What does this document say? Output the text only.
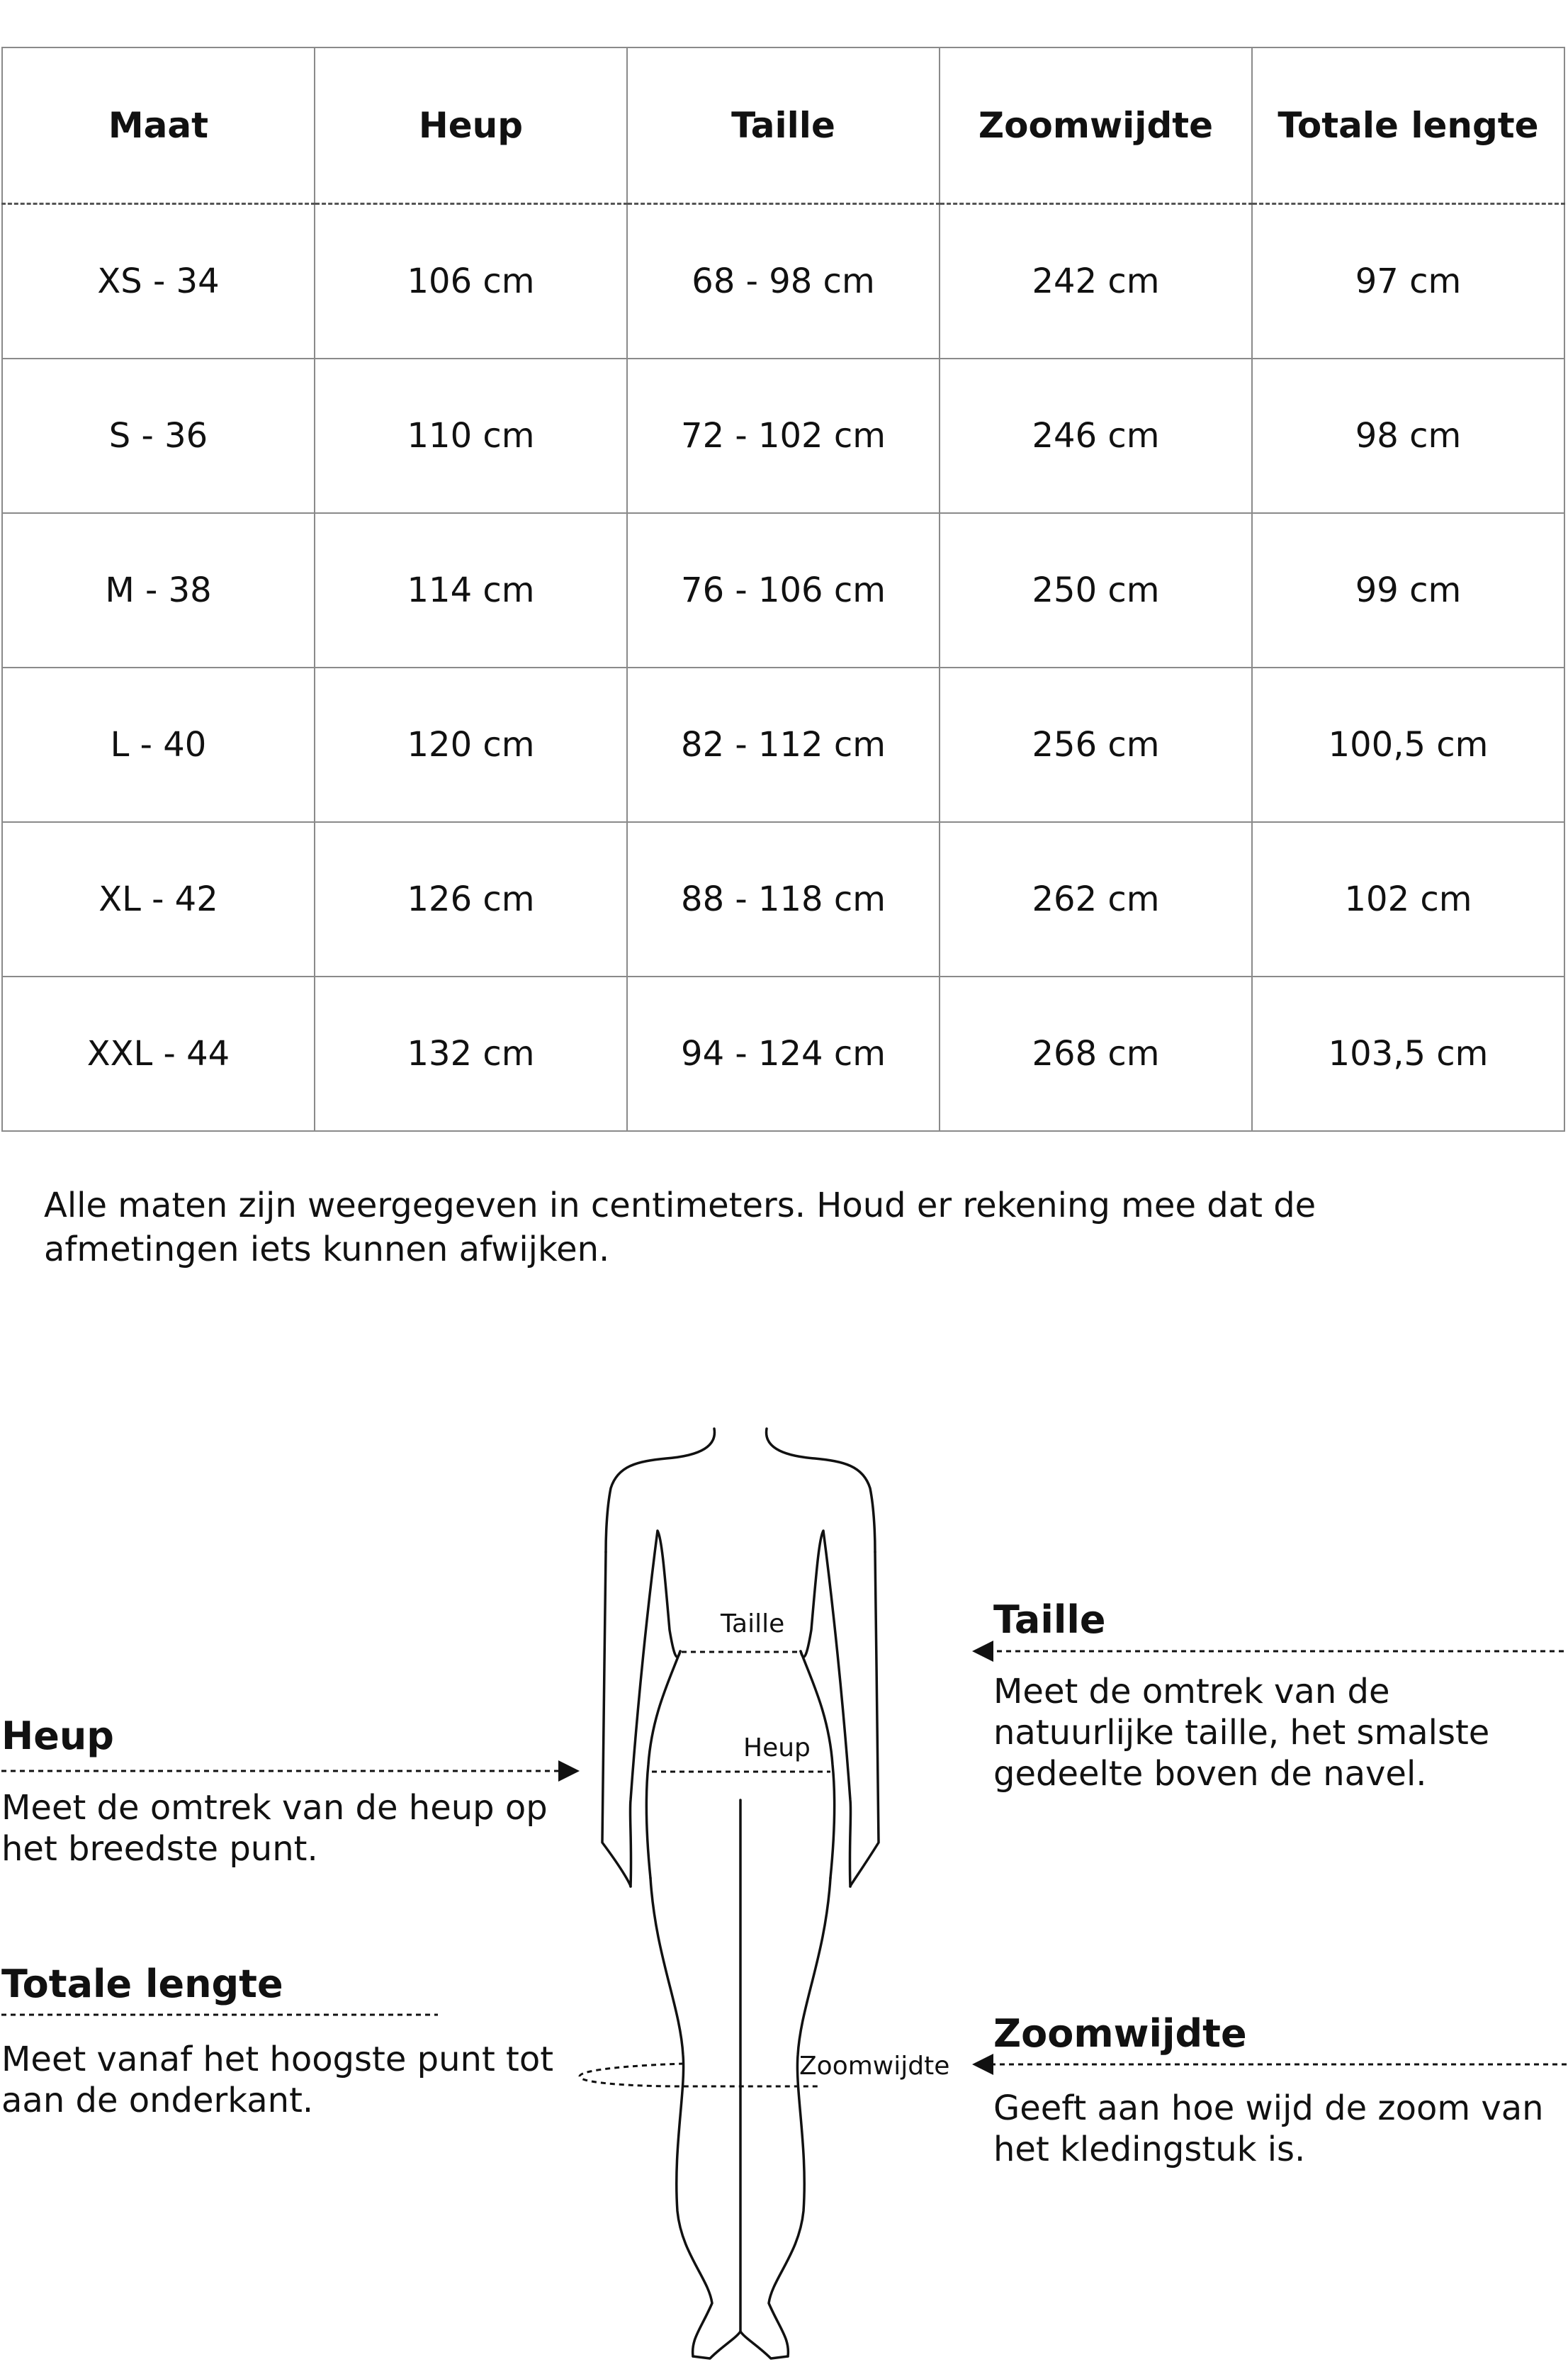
Maat	Heup	Taille	Zoomwijdte	Totale lengte
XS - 34	106 cm	68 - 98 cm	242 cm	97 cm
S - 36	110 cm	72 - 102 cm	246 cm	98 cm
M - 38	114 cm	76 - 106 cm	250 cm	99 cm
L - 40	120 cm	82 - 112 cm	256 cm	100,5 cm
XL - 42	126 cm	88 - 118 cm	262 cm	102 cm
XXL - 44	132 cm	94 - 124 cm	268 cm	103,5 cm

Alle maten zijn weergegeven in centimeters. Houd er rekening mee dat de afmetingen iets kunnen afwijken.

Taille
Heup
Zoomwijdte
Heup

Meet de omtrek van de heup op het breedste punt.

Totale lengte

Meet vanaf het hoogste punt tot aan de onderkant.

Taille

Meet de omtrek van de natuurlijke taille, het smalste gedeelte boven de navel.

Zoomwijdte

Geeft aan hoe wijd de zoom van het kledingstuk is.
